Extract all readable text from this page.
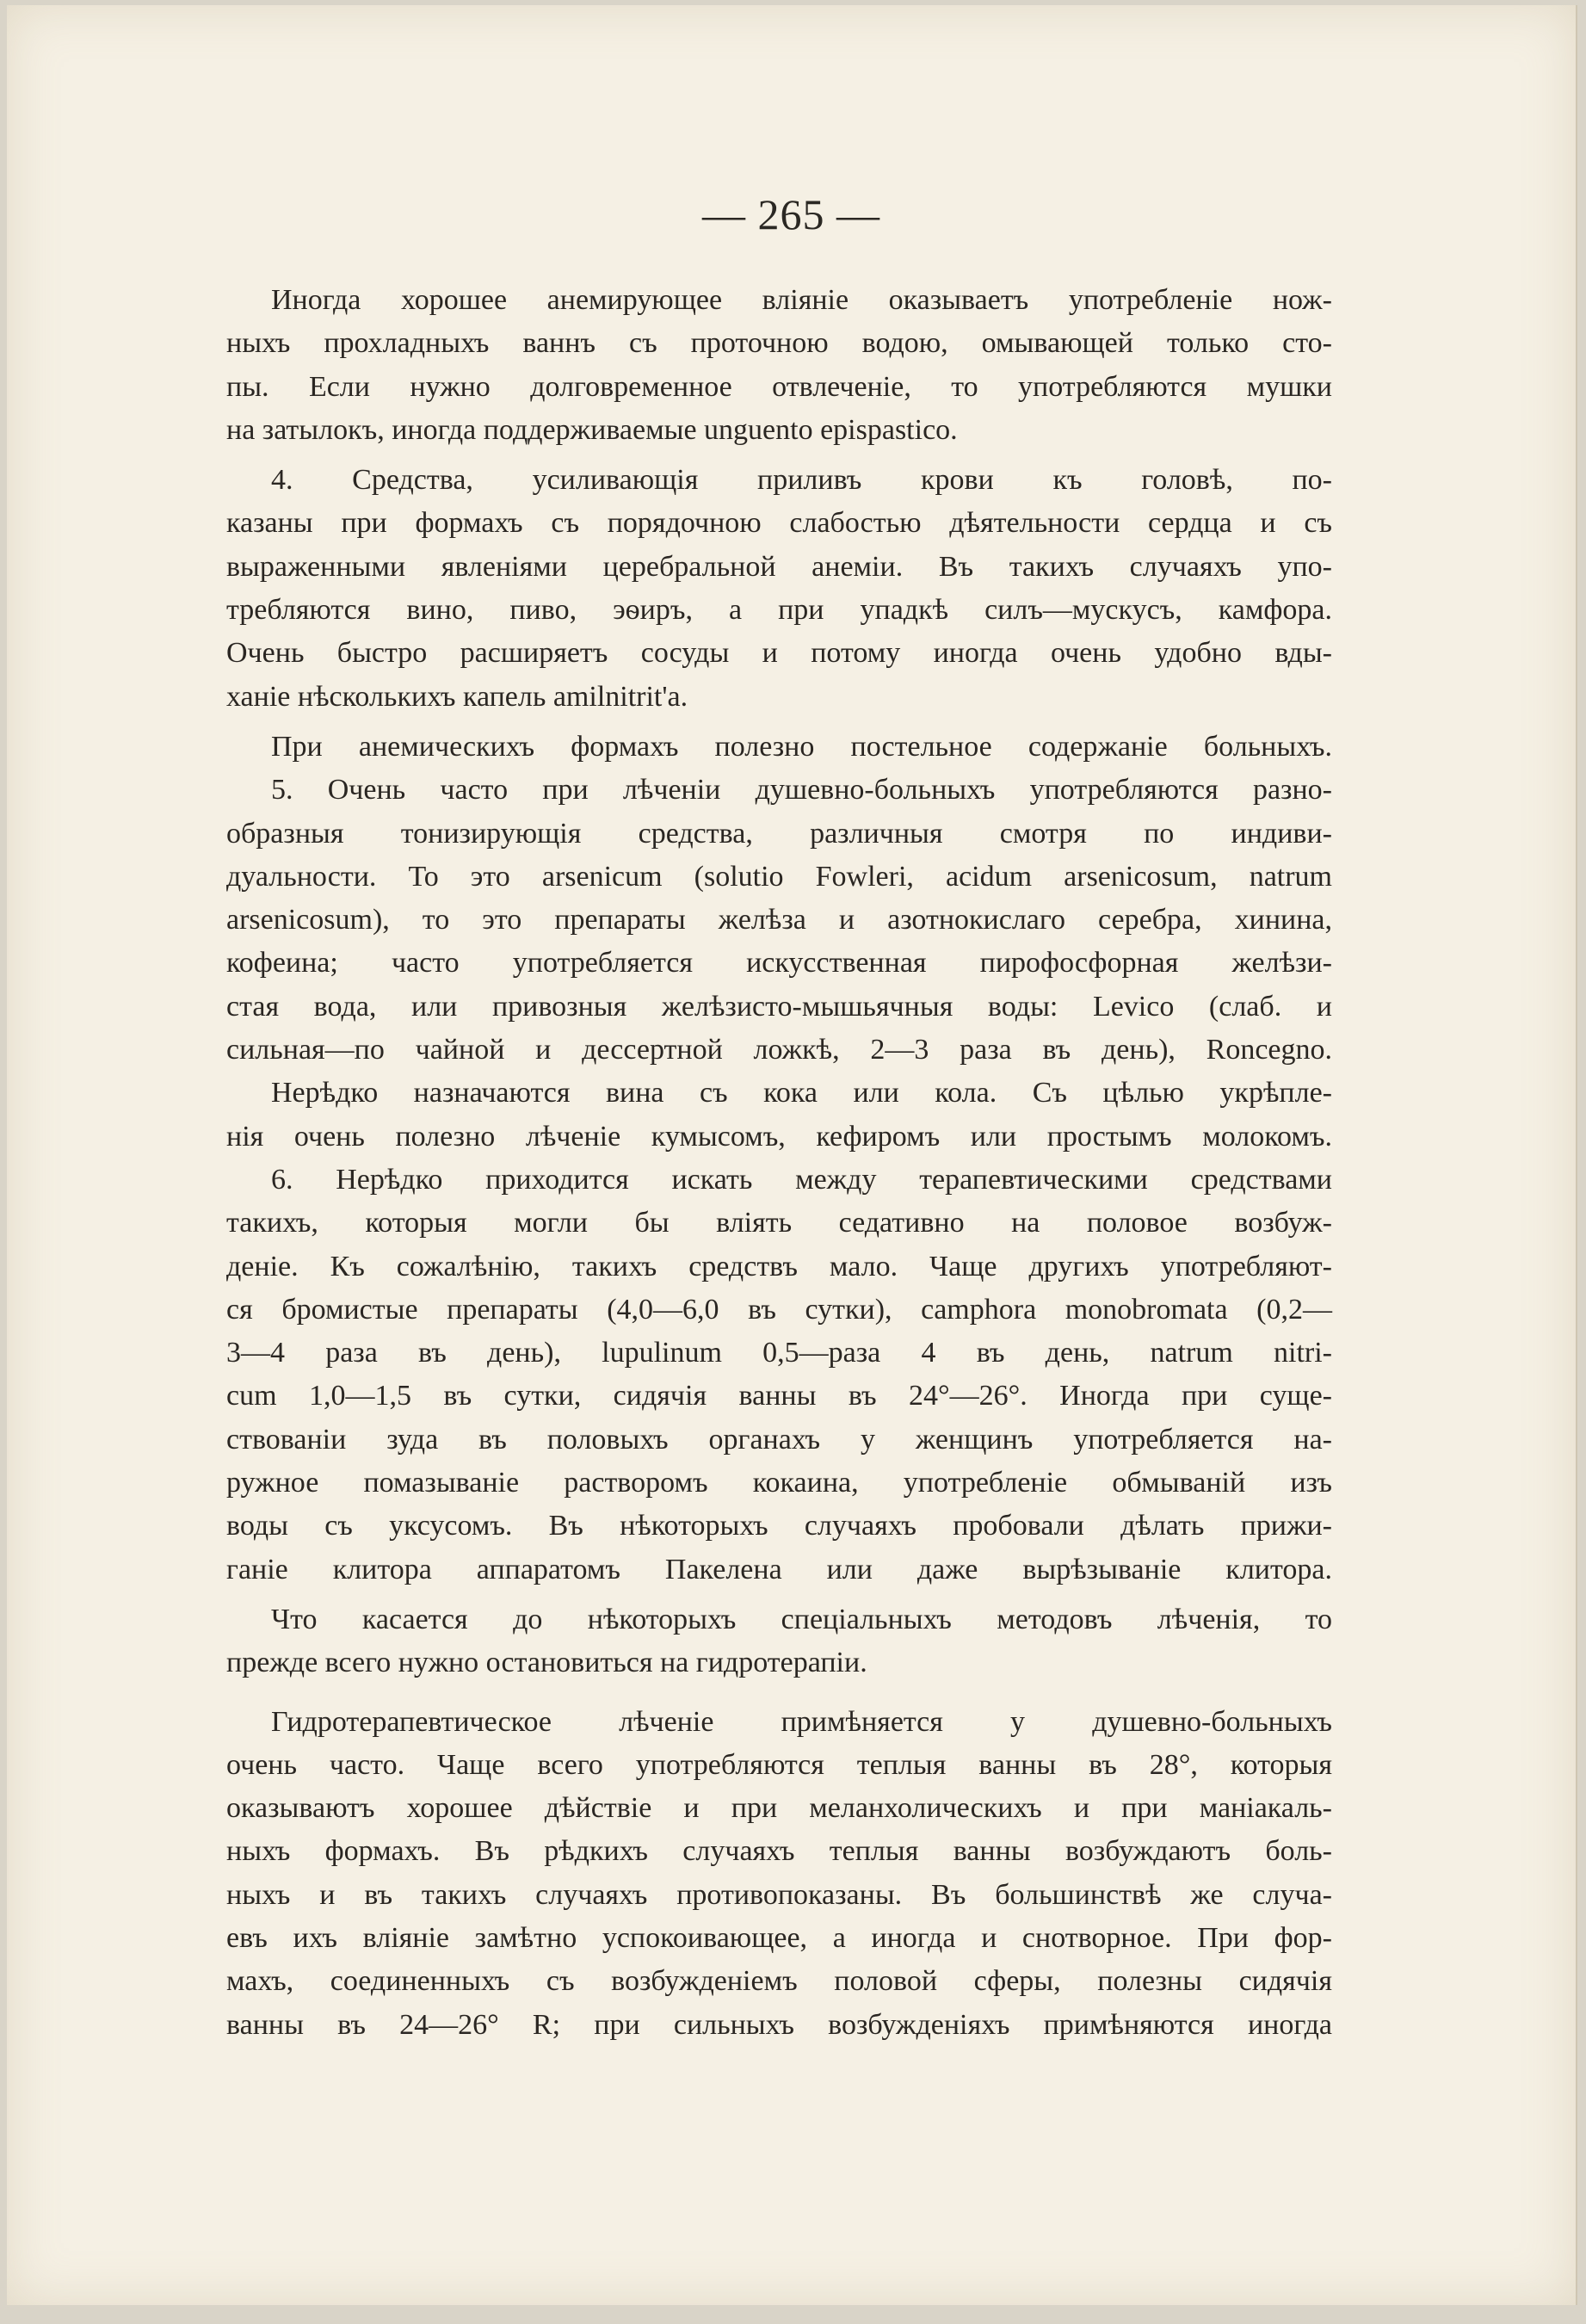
— 265 —

Иногда хорошее анемирующее вліяніе оказываетъ употребленіе нож-

ныхъ прохладныхъ ваннъ съ проточною водою, омывающей только сто-

пы. Если нужно долговременное отвлеченіе, то употребляются мушки

на затылокъ, иногда поддерживаемые unguento epispastico.

4. Средства, усиливающія приливъ крови къ головѣ, по-

казаны при формахъ съ порядочною слабостью дѣятельности сердца и съ

выраженными явленіями церебральной анеміи. Въ такихъ случаяхъ упо-

требляются вино, пиво, эѳиръ, а при упадкѣ силъ—мускусъ, камфора.

Очень быстро расширяетъ сосуды и потому иногда очень удобно вды-

ханіе нѣсколькихъ капель amilnitrit'а.

При анемическихъ формахъ полезно постельное содержаніе больныхъ.

5. Очень часто при лѣченіи душевно-больныхъ употребляются разно-

образныя тонизирующія средства, различныя смотря по индиви-

дуальности. То это arsenicum (solutio Fowleri, acidum arsenicosum, natrum

arsenicosum), то это препараты желѣза и азотнокислаго серебра, хинина,

кофеина; часто употребляется искусственная пирофосфорная желѣзи-

стая вода, или привозныя желѣзисто-мышьячныя воды: Levico (слаб. и

сильная—по чайной и дессертной ложкѣ, 2—3 раза въ день), Roncegno.

Нерѣдко назначаются вина съ кока или кола. Съ цѣлью укрѣпле-

нія очень полезно лѣченіе кумысомъ, кефиромъ или простымъ молокомъ.

6. Нерѣдко приходится искать между терапевтическими средствами

такихъ, которыя могли бы вліять седативно на половое возбуж-

деніе. Къ сожалѣнію, такихъ средствъ мало. Чаще другихъ употребляют-

ся бромистые препараты (4,0—6,0 въ сутки), camphora monobromata (0,2—

3—4 раза въ день), lupulinum 0,5—раза 4 въ день, natrum nitri-

cum 1,0—1,5 въ сутки, сидячія ванны въ 24°—26°. Иногда при суще-

ствованіи зуда въ половыхъ органахъ у женщинъ употребляется на-

ружное помазываніе растворомъ кокаина, употребленіе обмываній изъ

воды съ уксусомъ. Въ нѣкоторыхъ случаяхъ пробовали дѣлать прижи-

ганіе клитора аппаратомъ Пакелена или даже вырѣзываніе клитора.

Что касается до нѣкоторыхъ спеціальныхъ методовъ лѣченія, то

прежде всего нужно остановиться на гидротерапіи.

Гидротерапевтическое лѣченіе примѣняется у душевно-больныхъ

очень часто. Чаще всего употребляются теплыя ванны въ 28°, которыя

оказываютъ хорошее дѣйствіе и при меланхолическихъ и при маніакаль-

ныхъ формахъ. Въ рѣдкихъ случаяхъ теплыя ванны возбуждаютъ боль-

ныхъ и въ такихъ случаяхъ противопоказаны. Въ большинствѣ же случа-

евъ ихъ вліяніе замѣтно успокоивающее, а иногда и снотворное. При фор-

махъ, соединенныхъ съ возбужденіемъ половой сферы, полезны сидячія

ванны въ 24—26° R; при сильныхъ возбужденіяхъ примѣняются иногда
